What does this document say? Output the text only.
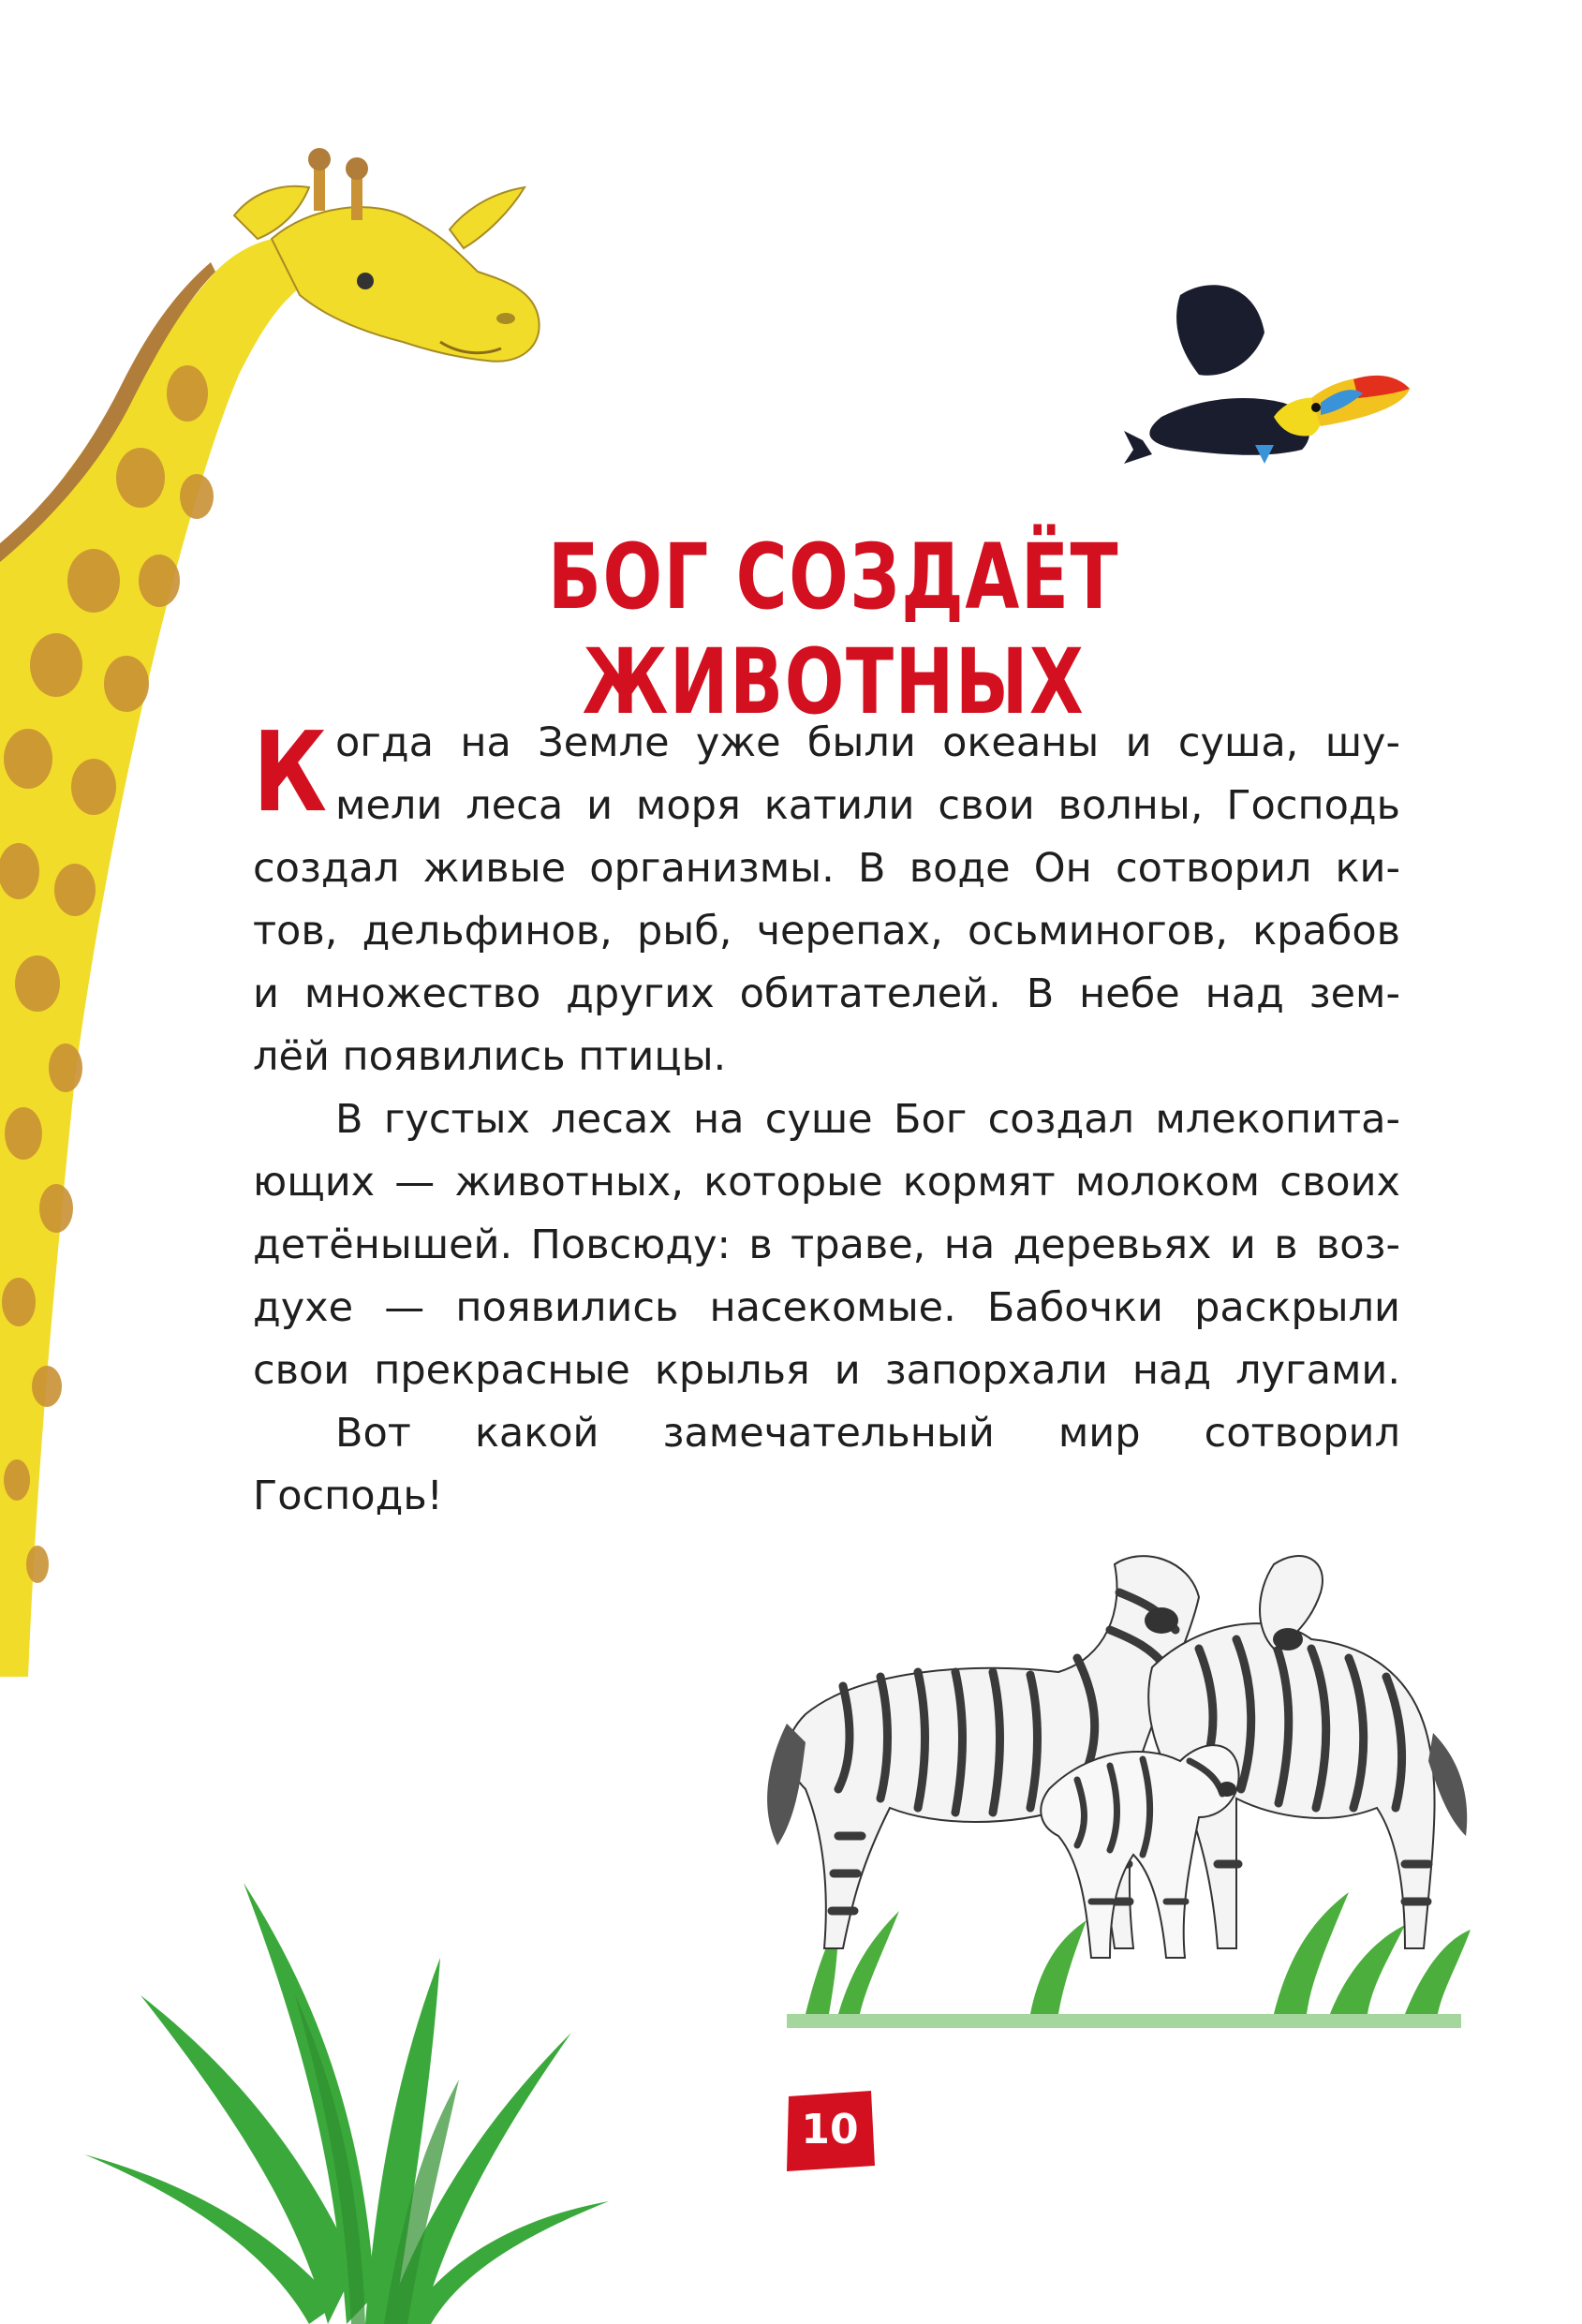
БОГ СОЗДАЁТ ЖИВОТНЫХ
К огда на Земле уже были океаны и суша, шу-
мели леса и моря катили свои волны, Господь
создал живые организмы. В воде Он сотворил ки-
тов, дельфинов, рыб, черепах, осьминогов, крабов
и множество других обитателей. В небе над зем-
лёй появились птицы.
В густых лесах на суше Бог создал млекопита-
ющих — животных, которые кормят молоком своих
детёнышей. Повсюду: в траве, на деревьях и в воз-
духе — появились насекомые. Бабочки раскрыли
свои прекрасные крылья и запорхали над лугами.
Вот какой замечательный мир сотворил
Господь!
10
